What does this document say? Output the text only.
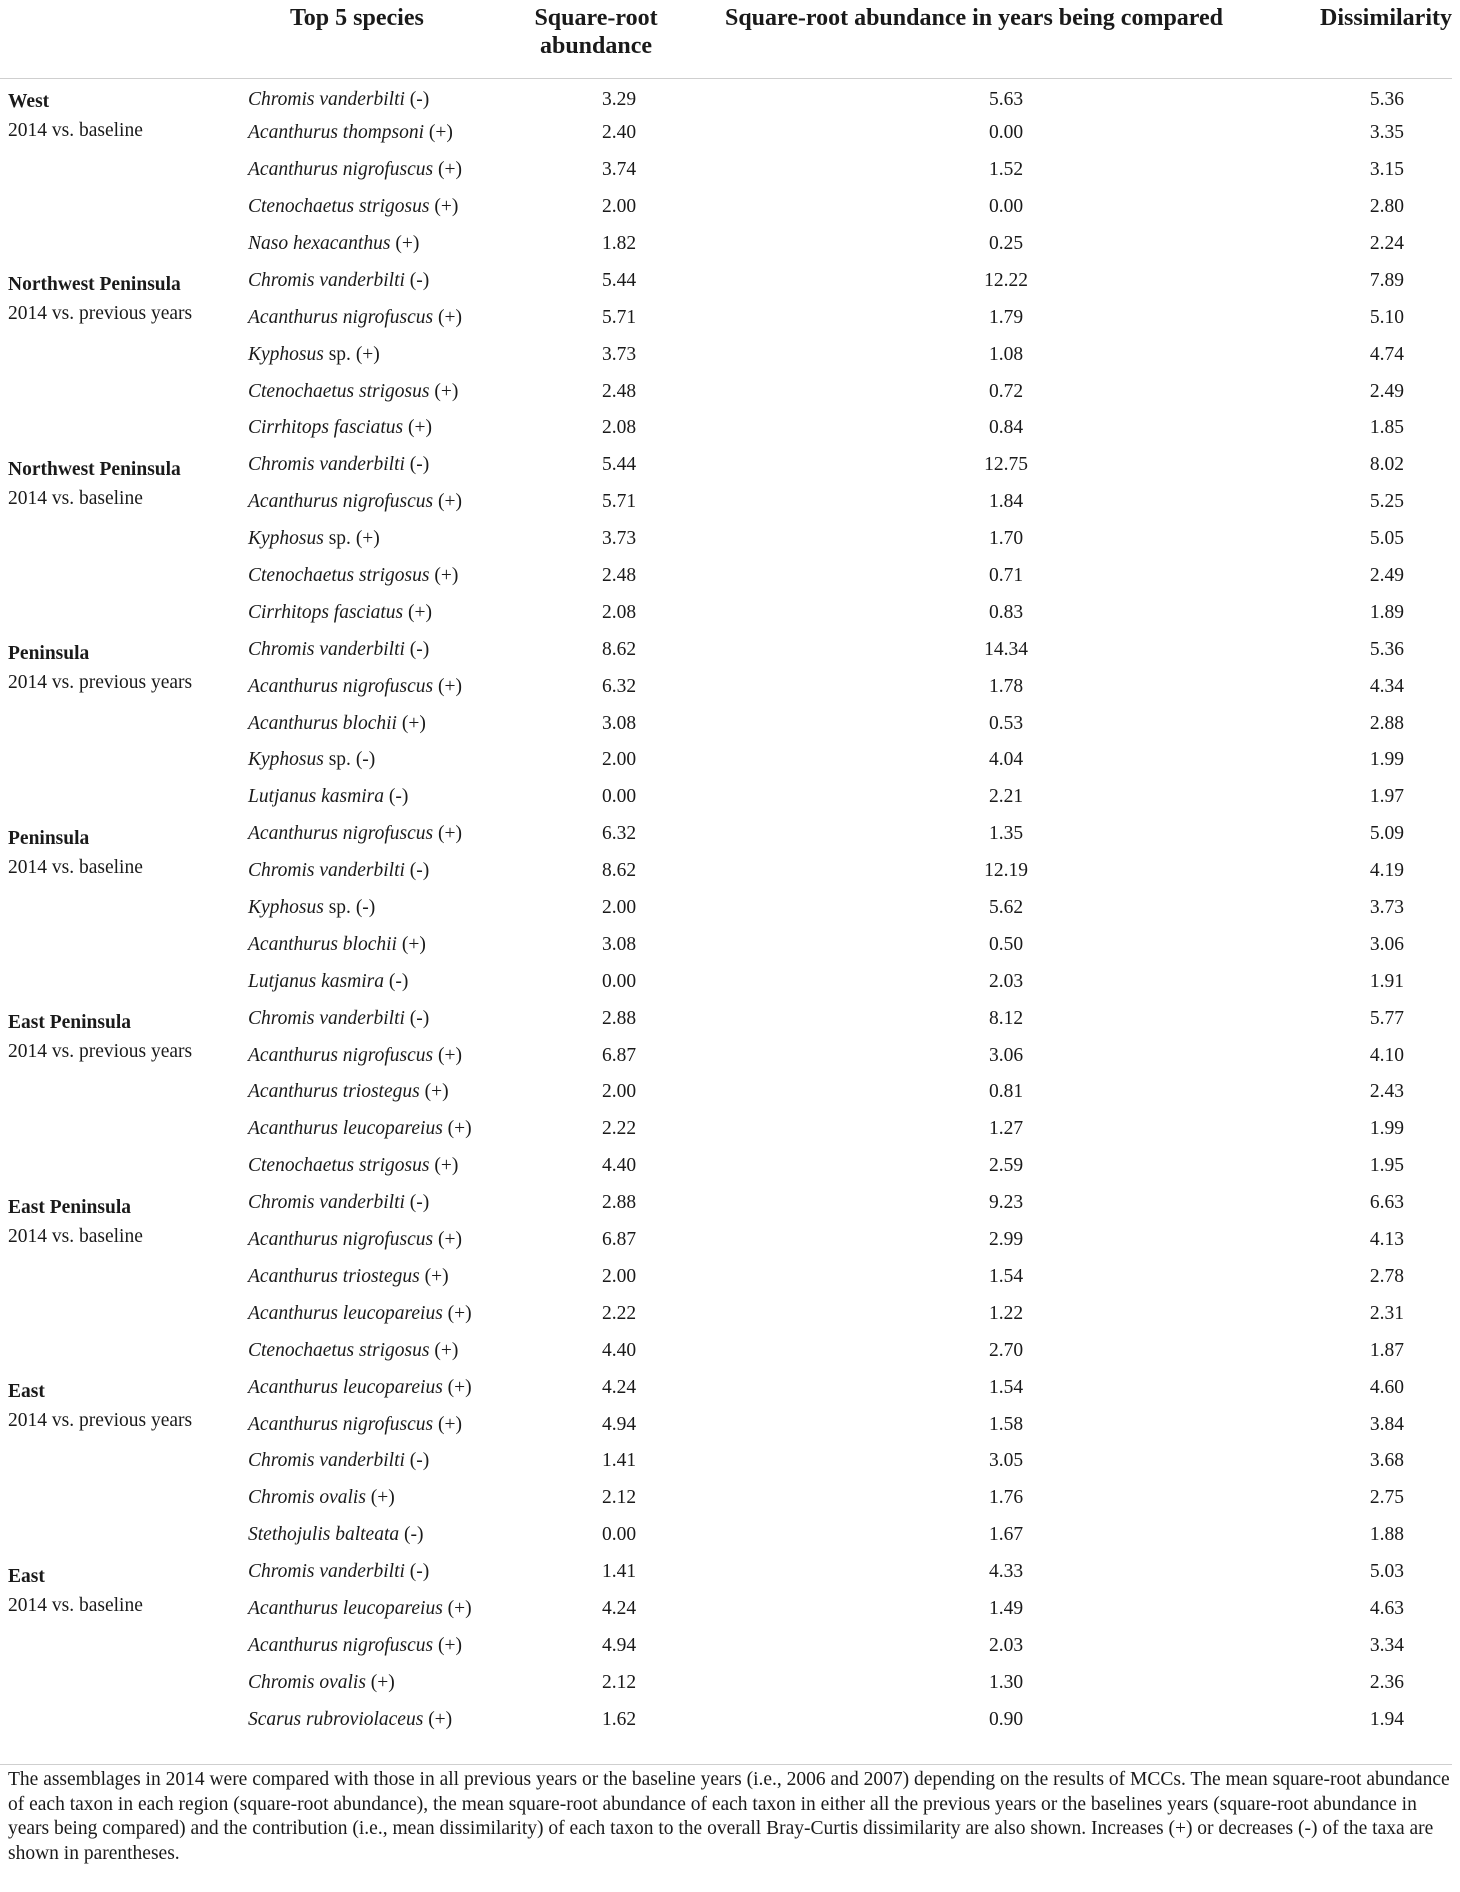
	Top 5 species	Square-root abundance	Square-root abundance in years being compared	Dissimilarity

West
2014 vs. baseline	Chromis vanderbilti (-)	3.29	5.63	5.36
	Acanthurus thompsoni (+)	2.40	0.00	3.35
	Acanthurus nigrofuscus (+)	3.74	1.52	3.15
	Ctenochaetus strigosus (+)	2.00	0.00	2.80
	Naso hexacanthus (+)	1.82	0.25	2.24

Northwest Peninsula
2014 vs. previous years	Chromis vanderbilti (-)	5.44	12.22	7.89
	Acanthurus nigrofuscus (+)	5.71	1.79	5.10
	Kyphosus sp. (+)	3.73	1.08	4.74
	Ctenochaetus strigosus (+)	2.48	0.72	2.49
	Cirrhitops fasciatus (+)	2.08	0.84	1.85

Northwest Peninsula
2014 vs. baseline	Chromis vanderbilti (-)	5.44	12.75	8.02
	Acanthurus nigrofuscus (+)	5.71	1.84	5.25
	Kyphosus sp. (+)	3.73	1.70	5.05
	Ctenochaetus strigosus (+)	2.48	0.71	2.49
	Cirrhitops fasciatus (+)	2.08	0.83	1.89

Peninsula
2014 vs. previous years	Chromis vanderbilti (-)	8.62	14.34	5.36
	Acanthurus nigrofuscus (+)	6.32	1.78	4.34
	Acanthurus blochii (+)	3.08	0.53	2.88
	Kyphosus sp. (-)	2.00	4.04	1.99
	Lutjanus kasmira (-)	0.00	2.21	1.97

Peninsula
2014 vs. baseline	Acanthurus nigrofuscus (+)	6.32	1.35	5.09
	Chromis vanderbilti (-)	8.62	12.19	4.19
	Kyphosus sp. (-)	2.00	5.62	3.73
	Acanthurus blochii (+)	3.08	0.50	3.06
	Lutjanus kasmira (-)	0.00	2.03	1.91

East Peninsula
2014 vs. previous years	Chromis vanderbilti (-)	2.88	8.12	5.77
	Acanthurus nigrofuscus (+)	6.87	3.06	4.10
	Acanthurus triostegus (+)	2.00	0.81	2.43
	Acanthurus leucopareius (+)	2.22	1.27	1.99
	Ctenochaetus strigosus (+)	4.40	2.59	1.95

East Peninsula
2014 vs. baseline	Chromis vanderbilti (-)	2.88	9.23	6.63
	Acanthurus nigrofuscus (+)	6.87	2.99	4.13
	Acanthurus triostegus (+)	2.00	1.54	2.78
	Acanthurus leucopareius (+)	2.22	1.22	2.31
	Ctenochaetus strigosus (+)	4.40	2.70	1.87

East
2014 vs. previous years	Acanthurus leucopareius (+)	4.24	1.54	4.60
	Acanthurus nigrofuscus (+)	4.94	1.58	3.84
	Chromis vanderbilti (-)	1.41	3.05	3.68
	Chromis ovalis (+)	2.12	1.76	2.75
	Stethojulis balteata (-)	0.00	1.67	1.88

East
2014 vs. baseline	Chromis vanderbilti (-)	1.41	4.33	5.03
	Acanthurus leucopareius (+)	4.24	1.49	4.63
	Acanthurus nigrofuscus (+)	4.94	2.03	3.34
	Chromis ovalis (+)	2.12	1.30	2.36
	Scarus rubroviolaceus (+)	1.62	0.90	1.94
The assemblages in 2014 were compared with those in all previous years or the baseline years (i.e., 2006 and 2007) depending on the results of MCCs. The mean square-root abundance of each taxon in each region (square-root abundance), the mean square-root abundance of each taxon in either all the previous years or the baselines years (square-root abundance in years being compared) and the contribution (i.e., mean dissimilarity) of each taxon to the overall Bray-Curtis dissimilarity are also shown. Increases (+) or decreases (-) of the taxa are shown in parentheses.
